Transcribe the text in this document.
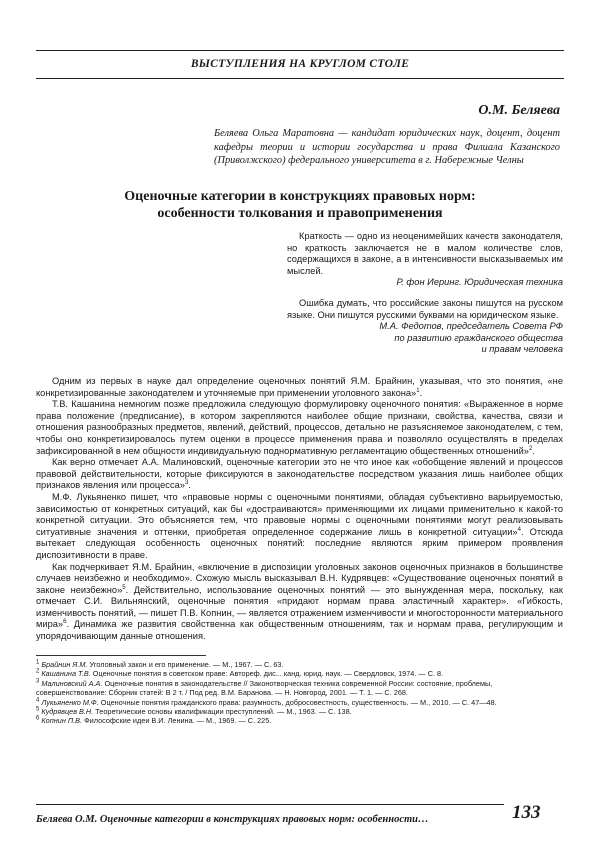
ВЫСТУПЛЕНИЯ НА КРУГЛОМ СТОЛЕ
О.М. Беляева
Беляева Ольга Маратовна — кандидат юридических наук, доцент, доцент кафедры теории и истории государства и права Филиала Казанского (Приволжского) федерального университета в г. Набережные Челны
Оценочные категории в конструкциях правовых норм:
особенности толкования и правоприменения

Краткость — одно из неоценимейших качеств законодателя, но краткость заключается не в малом количестве слов, содержащихся в законе, а в интенсивности высказываемых им мыслей.

Р. фон Иеринг. Юридическая техника

Ошибка думать, что российские законы пишутся на русском языке. Они пишутся русскими буквами на юридическом языке.

М.А. Федотов, председатель Совета РФ
по развитию гражданского общества
и правам человека

Одним из первых в науке дал определение оценочных понятий Я.М. Брайнин, указывая, что это понятия, «не конкретизированные законодателем и уточняемые при применении уголовного закона»$^1$.

Т.В. Кашанина немногим позже предложила следующую формулировку оценочного понятия: «Выраженное в норме права положение (предписание), в котором закрепляются наиболее общие признаки, свойства, качества, связи и отношения разнообразных предметов, явлений, действий, процессов, детально не разъясняемое законодателем, с тем, чтобы оно конкретизировалось путем оценки в процессе применения права и позволяло осуществлять в пределах зафиксированной в нем общности индивидуальную поднормативную регламентацию общественных отношений»$^2$.

Как верно отмечает А.А. Малиновский, оценочные категории это не что иное как «обобщение явлений и процессов правовой действительности, которые фиксируются в законодательстве посредством указания лишь наиболее общих признаков явления или процесса»$^3$.

М.Ф. Лукьяненко пишет, что «правовые нормы с оценочными понятиями, обладая субъективно варьируемостью, зависимостью от конкретных ситуаций, как бы «достраиваются» применяющими их лицами применительно к какой-то конкретной ситуации. Это объясняется тем, что правовые нормы с оценочными понятиями могут реализовывать ситуативные значения и оттенки, приобретая определенное содержание лишь в конкретной ситуации»$^4$. Отсюда вытекает следующая особенность оценочных понятий: последние являются ярким примером проявления диспозитивности в праве.

Как подчеркивает Я.М. Брайнин, «включение в диспозиции уголовных законов оценочных признаков в большинстве случаев неизбежно и необходимо». Схожую мысль высказывал В.Н. Кудрявцев: «Существование оценочных понятий в законе неизбежно»$^5$. Действительно, использование оценочных понятий — это вынужденная мера, поскольку, как отмечает С.И. Вильнянский, оценочные понятия «придают нормам права эластичный характер». «Гибкость, изменчивость понятий, — пишет П.В. Копнин, — является отражением изменчивости и многосторонности материального мира»$^6$. Динамика же развития свойственна как общественным отношениям, так и нормам права, регулирующим и упорядочивающим данные отношения.

$^1$ Брайнин Я.М. Уголовный закон и его применение. — М., 1967. — С. 63.
$^2$ Кашанина Т.В. Оценочные понятия в советском праве: Автореф. дис... канд. юрид. наук. — Свердловск, 1974. — С. 8.
$^3$ Малиновский А.А. Оценочные понятия в законодательстве // Законотворческая техника современной России: состояние, проблемы, совершенствование: Сборник статей: В 2 т. / Под ред. В.М. Баранова. — Н. Новгород, 2001. — Т. 1. — С. 268.
$^4$ Лукьяненко М.Ф. Оценочные понятия гражданского права: разумность, добросовестность, существенность. — М., 2010. — С. 47—48.
$^5$ Кудрявцев В.Н. Теоретические основы квалификации преступлений. — М., 1963. — С. 138.
$^6$ Копнин П.В. Философские идеи В.И. Ленина. — М., 1969. — С. 225.
Беляева О.М. Оценочные категории в конструкциях правовых норм: особенности…	133
